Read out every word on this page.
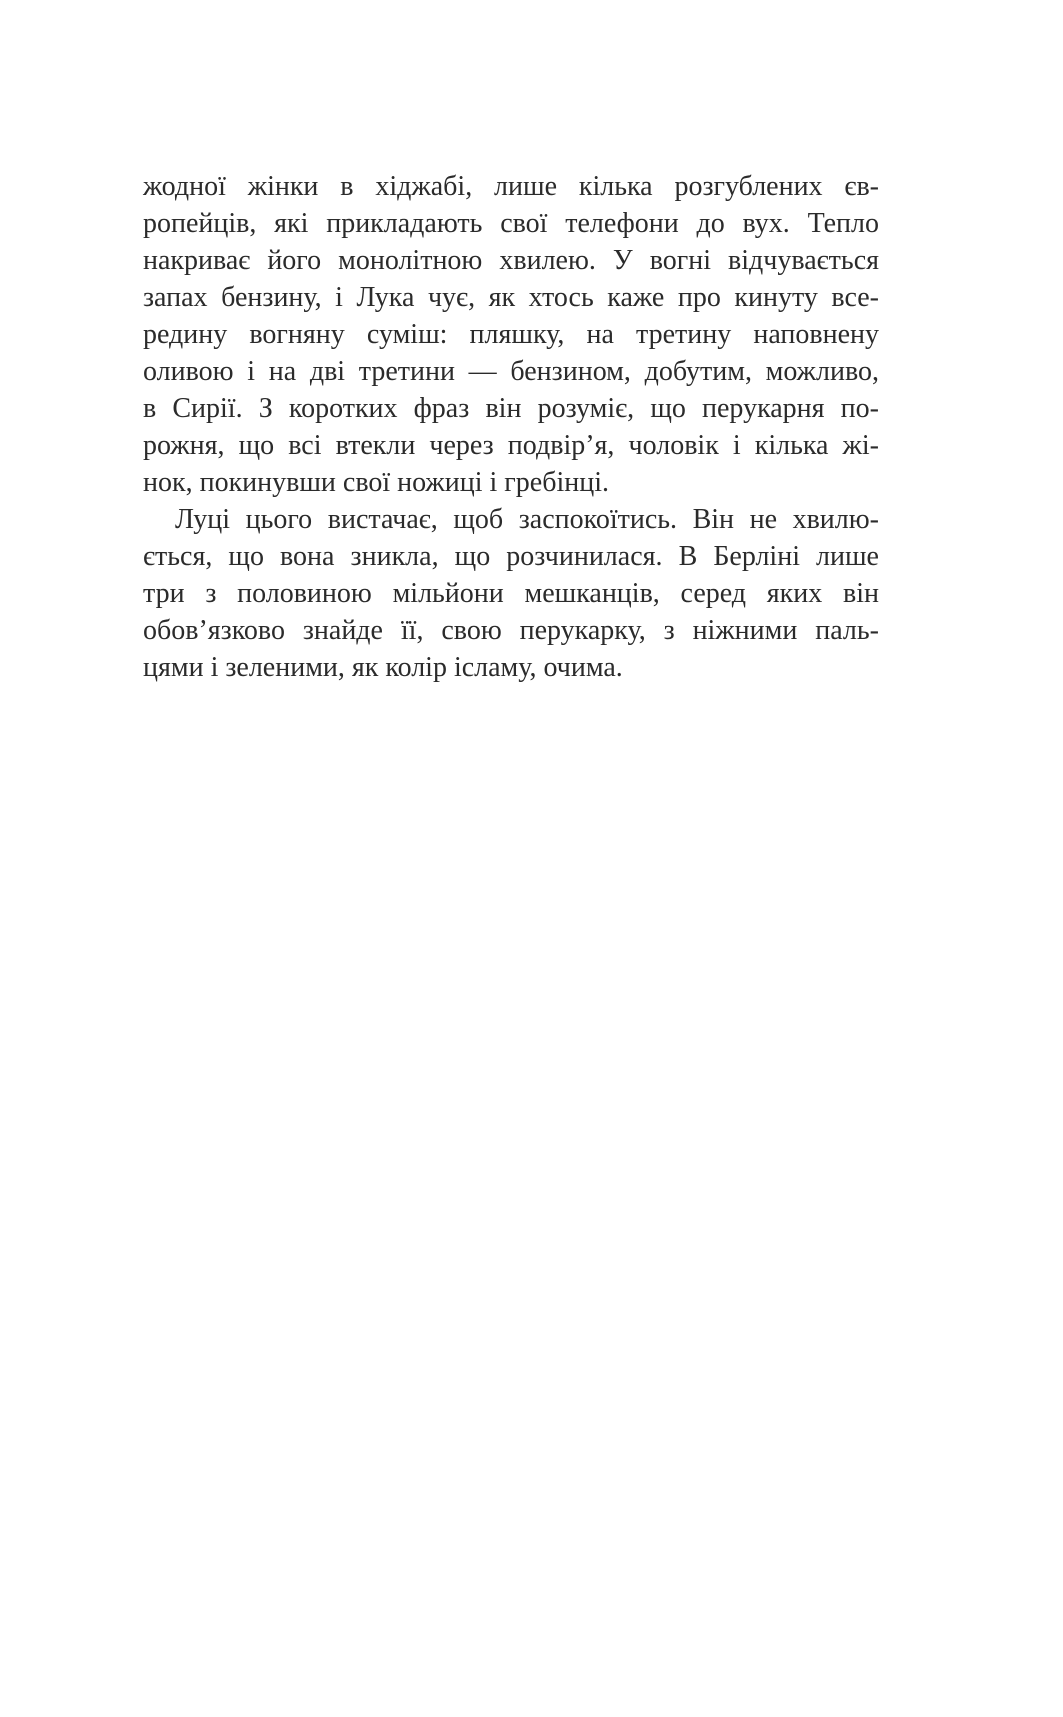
жодної жінки в хіджабі, лише кілька розгублених єв-
ропейців, які прикладають свої телефони до вух. Тепло
накриває його монолітною хвилею. У вогні відчувається
запах бензину, і Лука чує, як хтось каже про кинуту все-
редину вогняну суміш: пляшку, на третину наповнену
оливою і на дві третини — бензином, добутим, можливо,
в Сирії. З коротких фраз він розуміє, що перукарня по-
рожня, що всі втекли через подвір’я, чоловік і кілька жі-
нок, покинувши свої ножиці і гребінці.
Луці цього вистачає, щоб заспокоїтись. Він не хвилю-
ється, що вона зникла, що розчинилася. В Берліні лише
три з половиною мільйони мешканців, серед яких він
обов’язково знайде її, свою перукарку, з ніжними паль-
цями і зеленими, як колір ісламу, очима.
